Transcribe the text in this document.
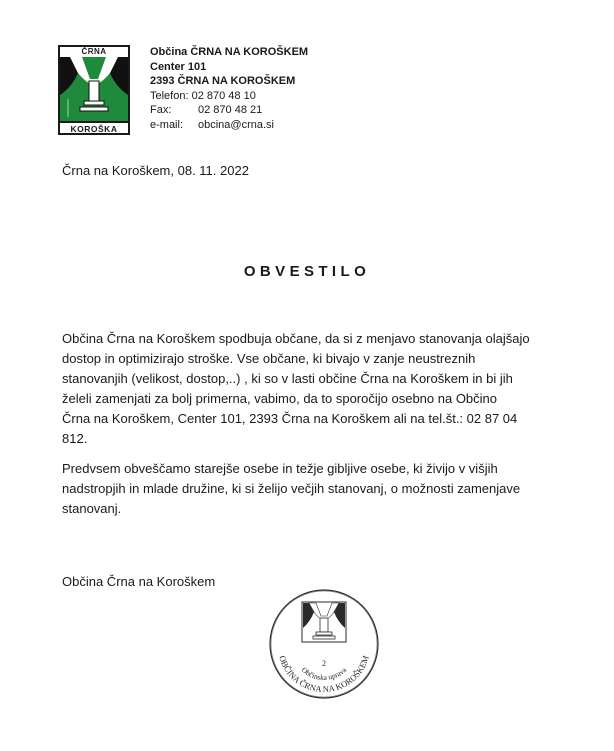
ČRNA
KOROŠKA
Občina ČRNA NA KOROŠKEM
Center 101
2393 ČRNA NA KOROŠKEM
Telefon: 02 870 48 10
Fax: 02 870 48 21
e-mail: obcina@crna.si
Črna na Koroškem, 08. 11. 2022
OBVESTILO
Občina Črna na Koroškem spodbuja občane, da si z menjavo stanovanja olajšajo
dostop in optimizirajo stroške. Vse občane, ki bivajo v zanje neustreznih
stanovanjih (velikost, dostop,..) , ki so v lasti občine Črna na Koroškem in bi jih
želeli zamenjati za bolj primerna, vabimo, da to sporočijo osebno na Občino
Črna na Koroškem, Center 101, 2393 Črna na Koroškem ali na tel.št.: 02 87 04
812.
Predvsem obveščamo starejše osebe in težje gibljive osebe, ki živijo v višjih
nadstropjih in mlade družine, ki si želijo večjih stanovanj, o možnosti zamenjave
stanovanj.
Občina Črna na Koroškem
2
Občinska uprava
OBČINA ČRNA NA KOROŠKEM
